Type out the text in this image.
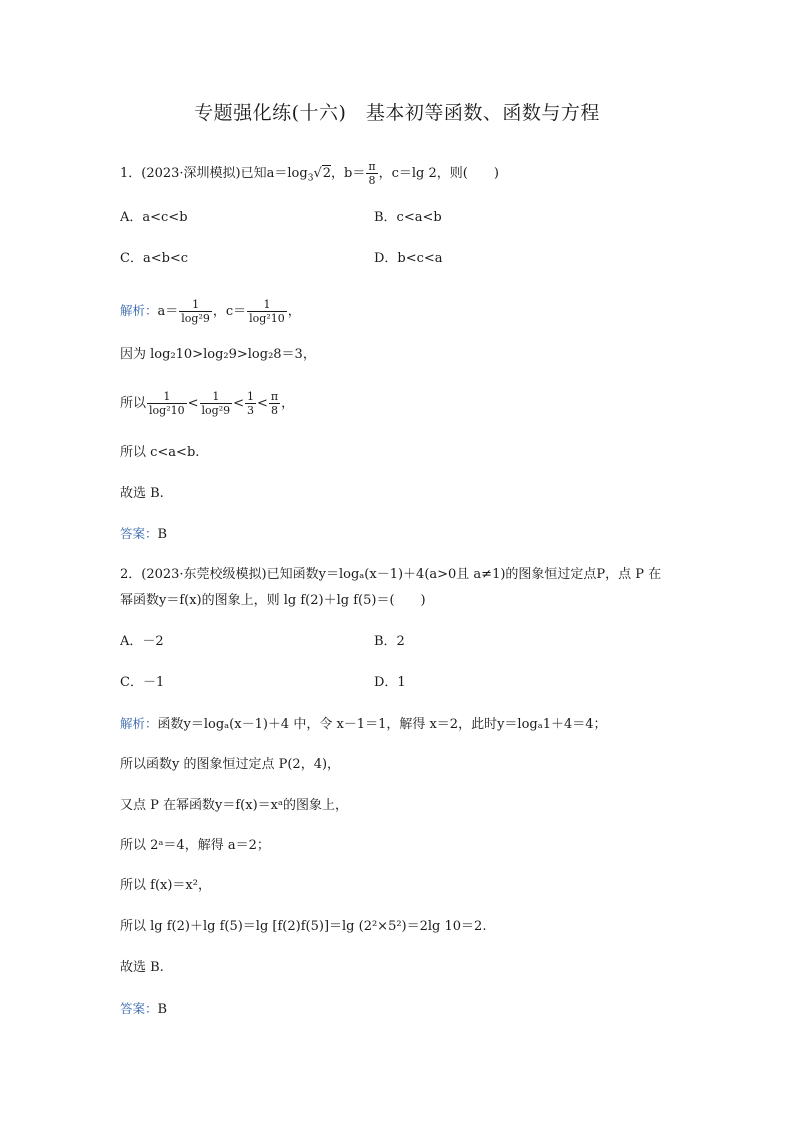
专题强化练(十六)　基本初等函数、函数与方程
1．(2023·深圳模拟)已知$a=\log_3√2$，$b= \frac{\pi}{8}$ ，c＝lg 2，则(　　)
A．a<c<b	B．c<a<b
C．a<b<c	D．b<c<a
解析：$a= \frac{1}{\text{log²9}}$ ，$c= \frac{1}{\text{log²10}}$ ，
因为 log₂10>log₂9>log₂8＝3，
所以 $\frac{1}{\text{log²10}} < \frac{1}{\text{log²9}} < \frac{1}{3} < \frac{\pi}{8}$ ，
所以 c<a<b.
故选 B.
答案：B
2．(2023·东莞校级模拟)已知函数y＝logₐ(x－1)＋4(a>0且 a≠1)的图象恒过定点P，点 P 在
幂函数y＝f(x)的图象上，则 lg f(2)＋lg f(5)＝(　　)
A．－2	B．2
C．－1	D．1
解析：函数y＝logₐ(x－1)＋4 中，令 x－1＝1，解得 x＝2，此时y＝logₐ1＋4＝4；
所以函数y 的图象恒过定点 P(2，4)，
又点 P 在幂函数y＝f(x)＝xᵃ的图象上，
所以 2ᵃ＝4，解得 a＝2；
所以 f(x)＝x²，
所以 lg f(2)＋lg f(5)＝lg [f(2)f(5)]＝lg (2²×5²)＝2lg 10＝2.
故选 B.
答案：B
